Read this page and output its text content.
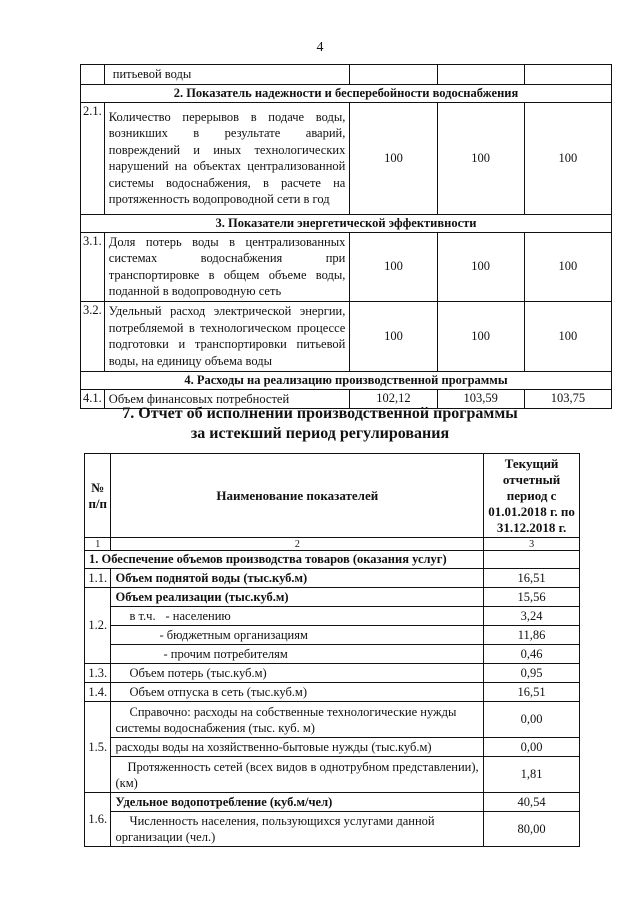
4
	питьевой воды			
2. Показатель надежности и бесперебойности водоснабжения				
2.1.	Количество перерывов в подаче воды, возникших в результате аварий, повреждений и иных технологических нарушений на объектах централизованной системы водоснабжения, в расчете на протяженность водопроводной сети в год	100	100	100
3. Показатели энергетической эффективности				
3.1.	Доля потерь воды в централизованных системах водоснабжения при транспортировке в общем объеме воды, поданной в водопроводную сеть	100	100	100
3.2.	Удельный расход электрической энергии, потребляемой в технологическом процессе подготовки и транспортировки питьевой воды, на единицу объема воды	100	100	100
4. Расходы на реализацию производственной программы				
4.1.	Объем финансовых потребностей	102,12	103,59	103,75
7. Отчет об исполнении производственной программы
за истекший период регулирования
№ п/п	Наименование показателей	Текущий отчетный период с 01.01.2018 г. по 31.12.2018 г.
1	2	3
1. Обеспечение объемов производства товаров (оказания услуг)		
1.1.	Объем поднятой воды (тыс.куб.м)	16,51
1.2.	Объем реализации (тыс.куб.м)	15,56
	в т.ч. - населению	3,24
	- бюджетным организациям	11,86
	- прочим потребителям	0,46
1.3.	Объем потерь (тыс.куб.м)	0,95
1.4.	Объем отпуска в сеть (тыс.куб.м)	16,51
1.5.	Справочно: расходы на собственные технологические нужды системы водоснабжения (тыс. куб. м)	0,00
	расходы воды на хозяйственно-бытовые нужды (тыс.куб.м)	0,00
	Протяженность сетей (всех видов в однотрубном представлении), (км)	1,81
1.6.	Удельное водопотребление (куб.м/чел)	40,54
	Численность населения, пользующихся услугами данной организации (чел.)	80,00
